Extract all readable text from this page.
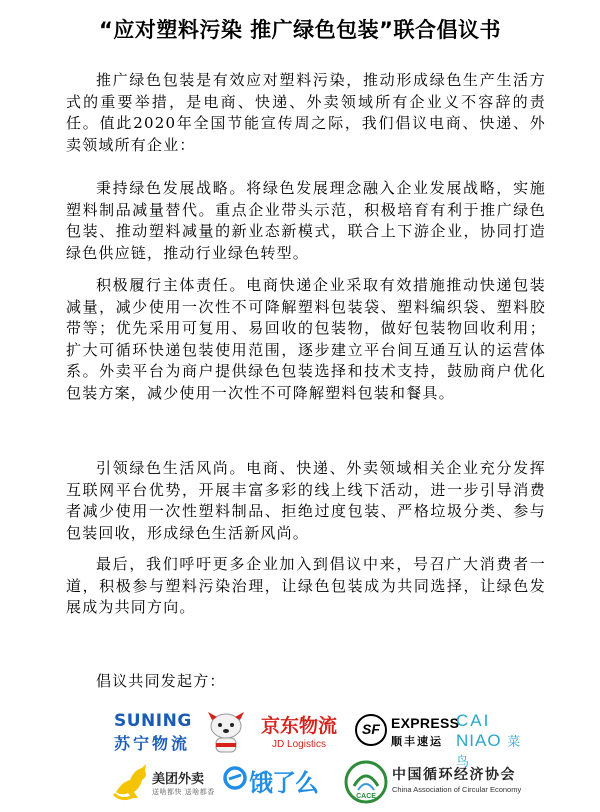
“应对塑料污染 推广绿色包装”联合倡议书

推广绿色包装是有效应对塑料污染，推动形成绿色生产生活方式的重要举措，是电商、快递、外卖领域所有企业义不容辞的责任。值此2020年全国节能宣传周之际，我们倡议电商、快递、外卖领域所有企业：

秉持绿色发展战略。将绿色发展理念融入企业发展战略，实施塑料制品减量替代。重点企业带头示范，积极培育有利于推广绿色包装、推动塑料减量的新业态新模式，联合上下游企业，协同打造绿色供应链，推动行业绿色转型。

积极履行主体责任。电商快递企业采取有效措施推动快递包装减量，减少使用一次性不可降解塑料包装袋、塑料编织袋、塑料胶带等；优先采用可复用、易回收的包装物，做好包装物回收利用；扩大可循环快递包装使用范围，逐步建立平台间互通互认的运营体系。外卖平台为商户提供绿色包装选择和技术支持，鼓励商户优化包装方案，减少使用一次性不可降解塑料包装和餐具。

引领绿色生活风尚。电商、快递、外卖领域相关企业充分发挥互联网平台优势，开展丰富多彩的线上线下活动，进一步引导消费者减少使用一次性塑料制品、拒绝过度包装、严格垃圾分类、参与包装回收，形成绿色生活新风尚。

最后，我们呼吁更多企业加入到倡议中来，号召广大消费者一道，积极参与塑料污染治理，让绿色包装成为共同选择，让绿色发展成为共同方向。

倡议共同发起方：
SUNING
苏宁物流
京东物流
JD Logistics
SF EXPRESS
顺丰速运
CAI
NIAO 菜鸟
美团外卖
送啥都快 送啥都香 饿了么	CACE
中国循环经济协会
China Association of Circular Economy
